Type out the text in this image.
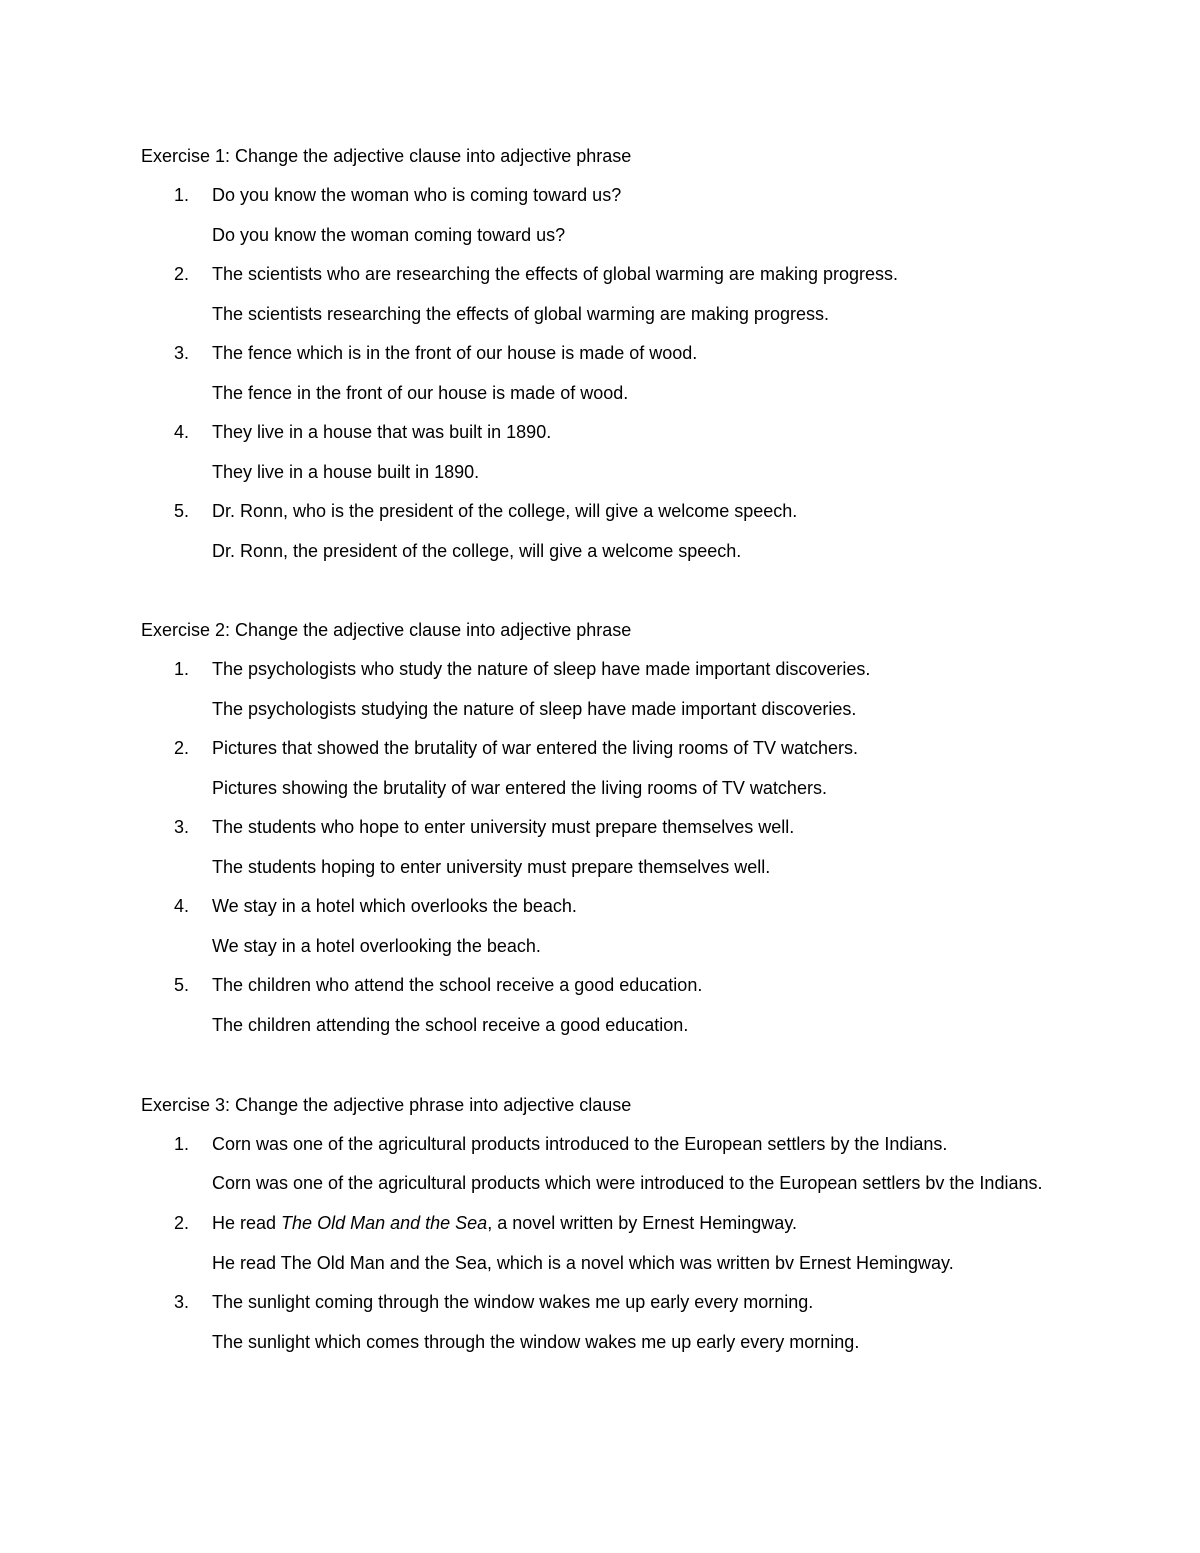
Exercise 1: Change the adjective clause into adjective phrase
1. Do you know the woman who is coming toward us?
Do you know the woman coming toward us?
2. The scientists who are researching the effects of global warming are making progress.
The scientists researching the effects of global warming are making progress.
3. The fence which is in the front of our house is made of wood.
The fence in the front of our house is made of wood.
4. They live in a house that was built in 1890.
They live in a house built in 1890.
5. Dr. Ronn, who is the president of the college, will give a welcome speech.
Dr. Ronn, the president of the college, will give a welcome speech.
Exercise 2: Change the adjective clause into adjective phrase
1. The psychologists who study the nature of sleep have made important discoveries.
The psychologists studying the nature of sleep have made important discoveries.
2. Pictures that showed the brutality of war entered the living rooms of TV watchers.
Pictures showing the brutality of war entered the living rooms of TV watchers.
3. The students who hope to enter university must prepare themselves well.
The students hoping to enter university must prepare themselves well.
4. We stay in a hotel which overlooks the beach.
We stay in a hotel overlooking the beach.
5. The children who attend the school receive a good education.
The children attending the school receive a good education.
Exercise 3: Change the adjective phrase into adjective clause
1. Corn was one of the agricultural products introduced to the European settlers by the Indians.
Corn was one of the agricultural products which were introduced to the European settlers bv the Indians.
2. He read The Old Man and the Sea, a novel written by Ernest Hemingway.
He read The Old Man and the Sea, which is a novel which was written bv Ernest Hemingway.
3. The sunlight coming through the window wakes me up early every morning.
The sunlight which comes through the window wakes me up early every morning.
